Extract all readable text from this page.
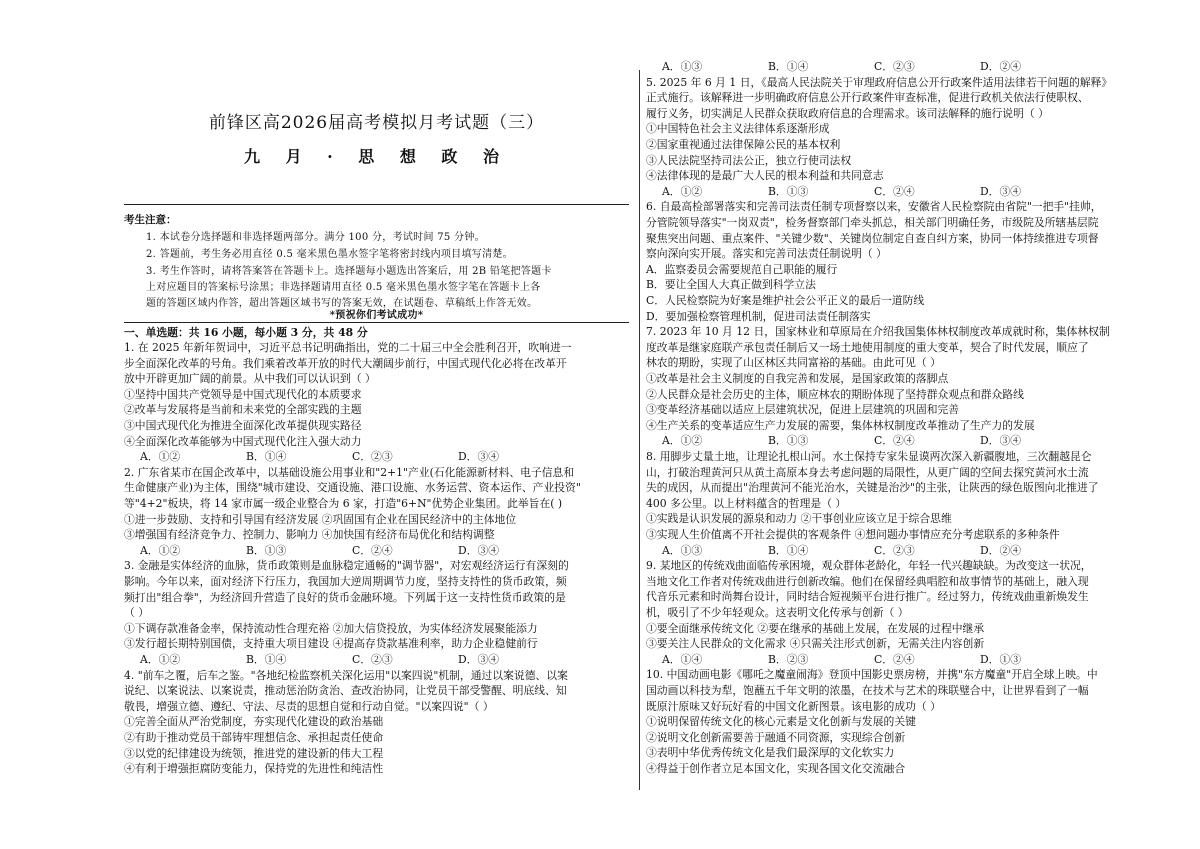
前锋区高2026届高考模拟月考试题（三）
九 月 · 思 想 政 治
考生注意：
1. 本试卷分选择题和非选择题两部分。满分 100 分，考试时间 75 分钟。
2. 答题前，考生务必用直径 0.5 毫米黑色墨水签字笔将密封线内项目填写清楚。
3. 考生作答时，请将答案答在答题卡上。选择题每小题选出答案后，用 2B 铅笔把答题卡
上对应题目的答案标号涂黑；非选择题请用直径 0.5 毫米黑色墨水签字笔在答题卡上各
题的答题区域内作答，超出答题区域书写的答案无效，在试题卷、草稿纸上作答无效。
*预祝你们考试成功*
一、单选题：共 16 小题，每小题 3 分，共 48 分
1. 在 2025 年新年贺词中，习近平总书记明确指出，党的二十届三中全会胜利召开，吹响进一
步全面深化改革的号角。我们乘着改革开放的时代大潮阔步前行，中国式现代化必将在改革开
放中开辟更加广阔的前景。从中我们可以认识到（ ）
①坚持中国共产党领导是中国式现代化的本质要求
②改革与发展将是当前和未来党的全部实践的主题
③中国式现代化为推进全面深化改革提供现实路径
④全面深化改革能够为中国式现代化注入强大动力
A．①②	B．①④	C．②③	D．③④
2. 广东省某市在国企改革中，以基础设施公用事业和"2+1"产业(石化能源新材料、电子信息和
生命健康产业)为主体，围绕"城市建设、交通设施、港口设施、水务运营、资本运作、产业投资"
等"4+2"板块，将 14 家市属一级企业整合为 6 家，打造"6+N"优势企业集团。此举旨在( )
①进一步鼓励、支持和引导国有经济发展 ②巩固国有企业在国民经济中的主体地位
③增强国有经济竞争力、控制力、影响力 ④加快国有经济布局优化和结构调整
A．①②	B．①③	C．②④	D．③④
3. 金融是实体经济的血脉，货币政策则是血脉稳定通畅的"调节器"，对宏观经济运行有深刻的
影响。今年以来，面对经济下行压力，我国加大逆周期调节力度，坚持支持性的货币政策，频
频打出"组合拳"，为经济回升营造了良好的货币金融环境。下列属于这一支持性货币政策的是
（ ）
①下调存款准备金率，保持流动性合理充裕 ②加大信贷投放，为实体经济发展聚能添力
③发行超长期特别国债，支持重大项目建设 ④提高存贷款基准利率，助力企业稳健前行
A．①②	B．①④	C．②③	D．③④
4. "前车之覆，后车之鉴。"各地纪检监察机关深化运用"以案四说"机制，通过以案说德、以案
说纪、以案说法、以案说责，推动惩治防贪治、查改治协同，让党员干部受警醒、明底线、知
敬畏，增强立德、遵纪、守法、尽责的思想自觉和行动自觉。"以案四说"（ ）
①完善全面从严治党制度，夯实现代化建设的政治基础
②有助于推动党员干部铸牢理想信念、承担起责任使命
③以党的纪律建设为统领，推进党的建设新的伟大工程
④有利于增强拒腐防变能力，保持党的先进性和纯洁性
A．①③	B．①④	C．②③	D．②④
5. 2025 年 6 月 1 日，《最高人民法院关于审理政府信息公开行政案件适用法律若干问题的解释》
正式施行。该解释进一步明确政府信息公开行政案件审查标准，促进行政机关依法行使职权、
履行义务，切实满足人民群众获取政府信息的合理需求。该司法解释的施行说明（ ）
①中国特色社会主义法律体系逐渐形成
②国家重视通过法律保障公民的基本权利
③人民法院坚持司法公正，独立行使司法权
④法律体现的是最广大人民的根本利益和共同意志
A．①②	B．①③	C．②④	D．③④
6. 自最高检部署落实和完善司法责任制专项督察以来，安徽省人民检察院由省院"一把手"挂帅，
分管院领导落实"一岗双责"，检务督察部门牵头抓总，相关部门明确任务，市级院及所辖基层院
聚焦突出问题、重点案件、"关键少数"、关键岗位制定自查自纠方案，协同一体持续推进专项督
察向深向实开展。落实和完善司法责任制说明（ ）
A．监察委员会需要规范自己职能的履行
B．要让全国人大真正做到科学立法
C．人民检察院为好案是维护社会公平正义的最后一道防线
D．要加强检察管理机制，促进司法责任制落实
7. 2023 年 10 月 12 日，国家林业和草原局在介绍我国集体林权制度改革成就时称，集体林权制
度改革是继家庭联产承包责任制后又一场土地使用制度的重大变革，契合了时代发展，顺应了
林农的期盼，实现了山区林区共同富裕的基础。由此可见（ ）
①改革是社会主义制度的自我完善和发展，是国家政策的落脚点
②人民群众是社会历史的主体，顺应林农的期盼体现了坚持群众观点和群众路线
③变革经济基础以适应上层建筑状况，促进上层建筑的巩固和完善
④生产关系的变革适应生产力发展的需要，集体林权制度改革推动了生产力的发展
A．①②	B．①③	C．②④	D．③④
8. 用脚步丈量土地，让理论扎根山河。水土保持专家朱显谟两次深入新疆腹地，三次翻越昆仑
山，打破治理黄河只从黄土高原本身去考虑问题的局限性，从更广阔的空间去探究黄河水土流
失的成因，从而提出"治理黄河不能光治水，关键是治沙"的主张，让陕西的绿色版图向北推进了
400 多公里。以上材料蕴含的哲理是（ ）
①实践是认识发展的源泉和动力 ②干事创业应该立足于综合思维
③实现人生价值离不开社会提供的客观条件 ④想问题办事情应充分考虑联系的多种条件
A．①③	B．①④	C．②③	D．②④
9. 某地区的传统戏曲面临传承困境，观众群体老龄化，年轻一代兴趣缺缺。为改变这一状况，
当地文化工作者对传统戏曲进行创新改编。他们在保留经典唱腔和故事情节的基础上，融入现
代音乐元素和时尚舞台设计，同时结合短视频平台进行推广。经过努力，传统戏曲重新焕发生
机，吸引了不少年轻观众。这表明文化传承与创新（ ）
①要全面继承传统文化 ②要在继承的基础上发展，在发展的过程中继承
③要关注人民群众的文化需求 ④只需关注形式创新，无需关注内容创新
A．①④	B．②③	C．②④	D．①③
10. 中国动画电影《哪吒之魔童闹海》登顶中国影史票房榜，并携"东方魔童"开启全球上映。中
国动画以科技为犁，饱蘸五千年文明的浓墨，在技术与艺术的珠联璧合中，让世界看到了一幅
既原汁原味又好玩好看的中国文化新图景。该电影的成功（ ）
①说明保留传统文化的核心元素是文化创新与发展的关键
②说明文化创新需要善于融通不同资源，实现综合创新
③表明中华优秀传统文化是我们最深厚的文化软实力
④得益于创作者立足本国文化，实现各国文化交流融合
